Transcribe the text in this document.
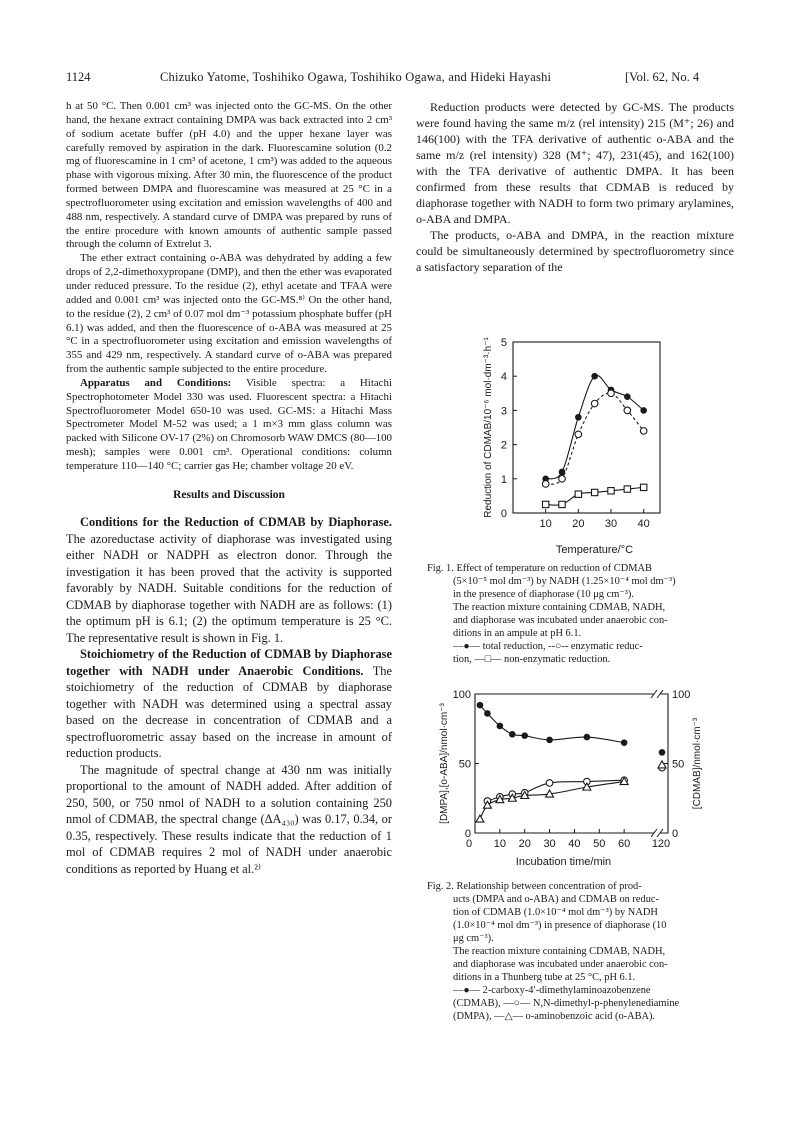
1124	Chizuko Yatome, Toshihiko Ogawa, Toshihiko Ogawa, and Hideki Hayashi	[Vol. 62, No. 4

h at 50 °C. Then 0.001 cm³ was injected onto the GC-MS. On the other hand, the hexane extract containing DMPA was back extracted into 2 cm³ of sodium acetate buffer (pH 4.0) and the upper hexane layer was carefully removed by aspiration in the dark. Fluorescamine solution (0.2 mg of fluorescamine in 1 cm³ of acetone, 1 cm³) was added to the aqueous phase with vigorous mixing. After 30 min, the fluorescence of the product formed between DMPA and fluorescamine was measured at 25 °C in a spectrofluorometer using excitation and emission wavelengths of 400 and 488 nm, respectively. A standard curve of DMPA was prepared by runs of the entire procedure with known amounts of authentic sample passed through the column of Extrelut 3.

The ether extract containing o-ABA was dehydrated by adding a few drops of 2,2-dimethoxypropane (DMP), and then the ether was evaporated under reduced pressure. To the residue (2), ethyl acetate and TFAA were added and 0.001 cm³ was injected onto the GC-MS.⁸⁾ On the other hand, to the residue (2), 2 cm³ of 0.07 mol dm⁻³ potassium phosphate buffer (pH 6.1) was added, and then the fluorescence of o-ABA was measured at 25 °C in a spectrofluorometer using excitation and emission wavelengths of 355 and 429 nm, respectively. A standard curve of o-ABA was prepared from the authentic sample subjected to the entire procedure.

Apparatus and Conditions: Visible spectra: a Hitachi Spectrophotometer Model 330 was used. Fluorescent spectra: a Hitachi Spectrofluorometer Model 650-10 was used. GC-MS: a Hitachi Mass Spectrometer Model M-52 was used; a 1 m×3 mm glass column was packed with Silicone OV-17 (2%) on Chromosorb WAW DMCS (80—100 mesh); samples were 0.001 cm³. Operational conditions: column temperature 110—140 °C; carrier gas He; chamber voltage 20 eV.

Results and Discussion

Conditions for the Reduction of CDMAB by Diaphorase. The azoreductase activity of diaphorase was investigated using either NADH or NADPH as electron donor. Through the investigation it has been proved that the activity is supported favorably by NADH. Suitable conditions for the reduction of CDMAB by diaphorase together with NADH are as follows: (1) the optimum pH is 6.1; (2) the optimum temperature is 25 °C. The representative result is shown in Fig. 1.

Stoichiometry of the Reduction of CDMAB by Diaphorase together with NADH under Anaerobic Conditions. The stoichiometry of the reduction of CDMAB by diaphorase together with NADH was determined using a spectral assay based on the decrease in concentration of CDMAB and a spectrofluorometric assay based on the increase in amount of reduction products.

The magnitude of spectral change at 430 nm was initially proportional to the amount of NADH added. After addition of 250, 500, or 750 nmol of NADH to a solution containing 250 nmol of CDMAB, the spectral change (ΔA₄₃₀) was 0.17, 0.34, or 0.35, respectively. These results indicate that the reduction of 1 mol of CDMAB requires 2 mol of NADH under anaerobic conditions as reported by Huang et al.²⁾

Reduction products were detected by GC-MS. The products were found having the same m/z (rel intensity) 215 (M⁺; 26) and 146(100) with the TFA derivative of authentic o-ABA and the same m/z (rel intensity) 328 (M⁺; 47), 231(45), and 162(100) with the TFA derivative of authentic DMPA. It has been confirmed from these results that CDMAB is reduced by diaphorase together with NADH to form two primary arylamines, o-ABA and DMPA.

The products, o-ABA and DMPA, in the reaction mixture could be simultaneously determined by spectrofluorometry since a satisfactory separation of the

0
1
2
3
4
5
10 20 30 40
Temperature/°C
Reduction of CDMAB/10⁻⁶ mol·dm⁻³·h⁻¹
Fig. 1. Effect of temperature on reduction of CDMAB
(5×10⁻⁵ mol dm⁻³) by NADH (1.25×10⁻⁴ mol dm⁻³)
in the presence of diaphorase (10 μg cm⁻³).
The reaction mixture containing CDMAB, NADH,
and diaphorase was incubated under anaerobic con-
ditions in an ampule at pH 6.1.
—●— total reduction, --○-- enzymatic reduc-
tion, —□— non-enzymatic reduction.
0
50
100
0
50
100
0 10 20 30 40 50 60 120
Incubation time/min
[DMPA],[o-ABA]/nmol·cm⁻³	[CDMAB]/nmol·cm⁻³
Fig. 2. Relationship between concentration of prod-
ucts (DMPA and o-ABA) and CDMAB on reduc-
tion of CDMAB (1.0×10⁻⁴ mol dm⁻³) by NADH
(1.0×10⁻⁴ mol dm⁻³) in presence of diaphorase (10
μg cm⁻³).
The reaction mixture containing CDMAB, NADH,
and diaphorase was incubated under anaerobic con-
ditions in a Thunberg tube at 25 °C, pH 6.1.
—●— 2-carboxy-4′-dimethylaminoazobenzene
(CDMAB), —○— N,N-dimethyl-p-phenylenediamine
(DMPA), —△— o-aminobenzoic acid (o-ABA).
